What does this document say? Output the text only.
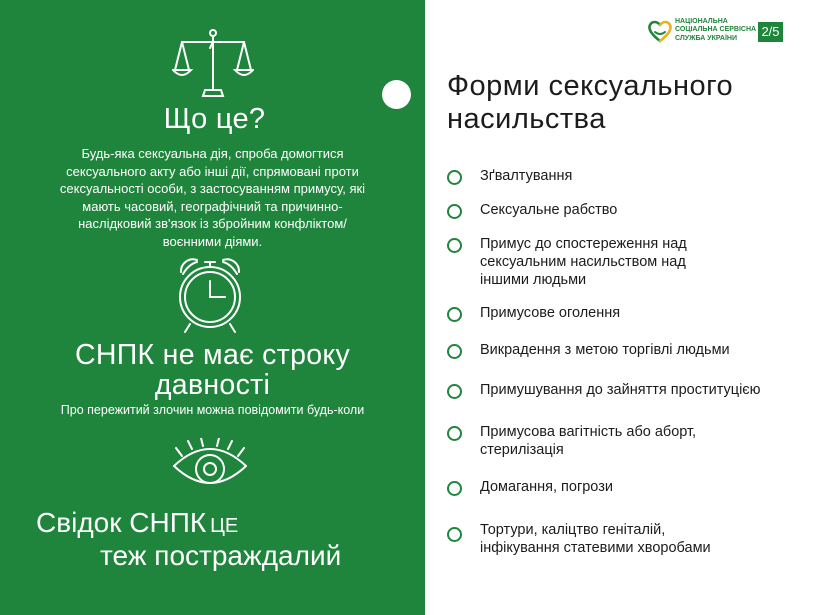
Що це?
Будь-яка сексуальна дія, спроба домогтися
сексуального акту або інші дії, спрямовані проти
сексуальності особи, з застосуванням примусу, які
мають часовий, географічний та причинно-
наслідковий зв'язок із збройним конфліктом/
воєнними діями.
СНПК не має строку
давності
Про пережитий злочин можна повідомити будь-коли
Свідок СНПК ЦЕ
теж постраждалий
НАЦІОНАЛЬНА
СОЦІАЛЬНА СЕРВІСНА
СЛУЖБА УКРАЇНИ	2/5
Форми сексуального
насильства
Зґвалтування
Сексуальне рабство
Примус до спостереження над
сексуальним насильством над
іншими людьми
Примусове оголення
Викрадення з метою торгівлі людьми
Примушування до зайняття проституцією
Примусова вагітність або аборт,
стерилізація
Домагання, погрози
Тортури, каліцтво геніталій,
інфікування статевими хворобами
